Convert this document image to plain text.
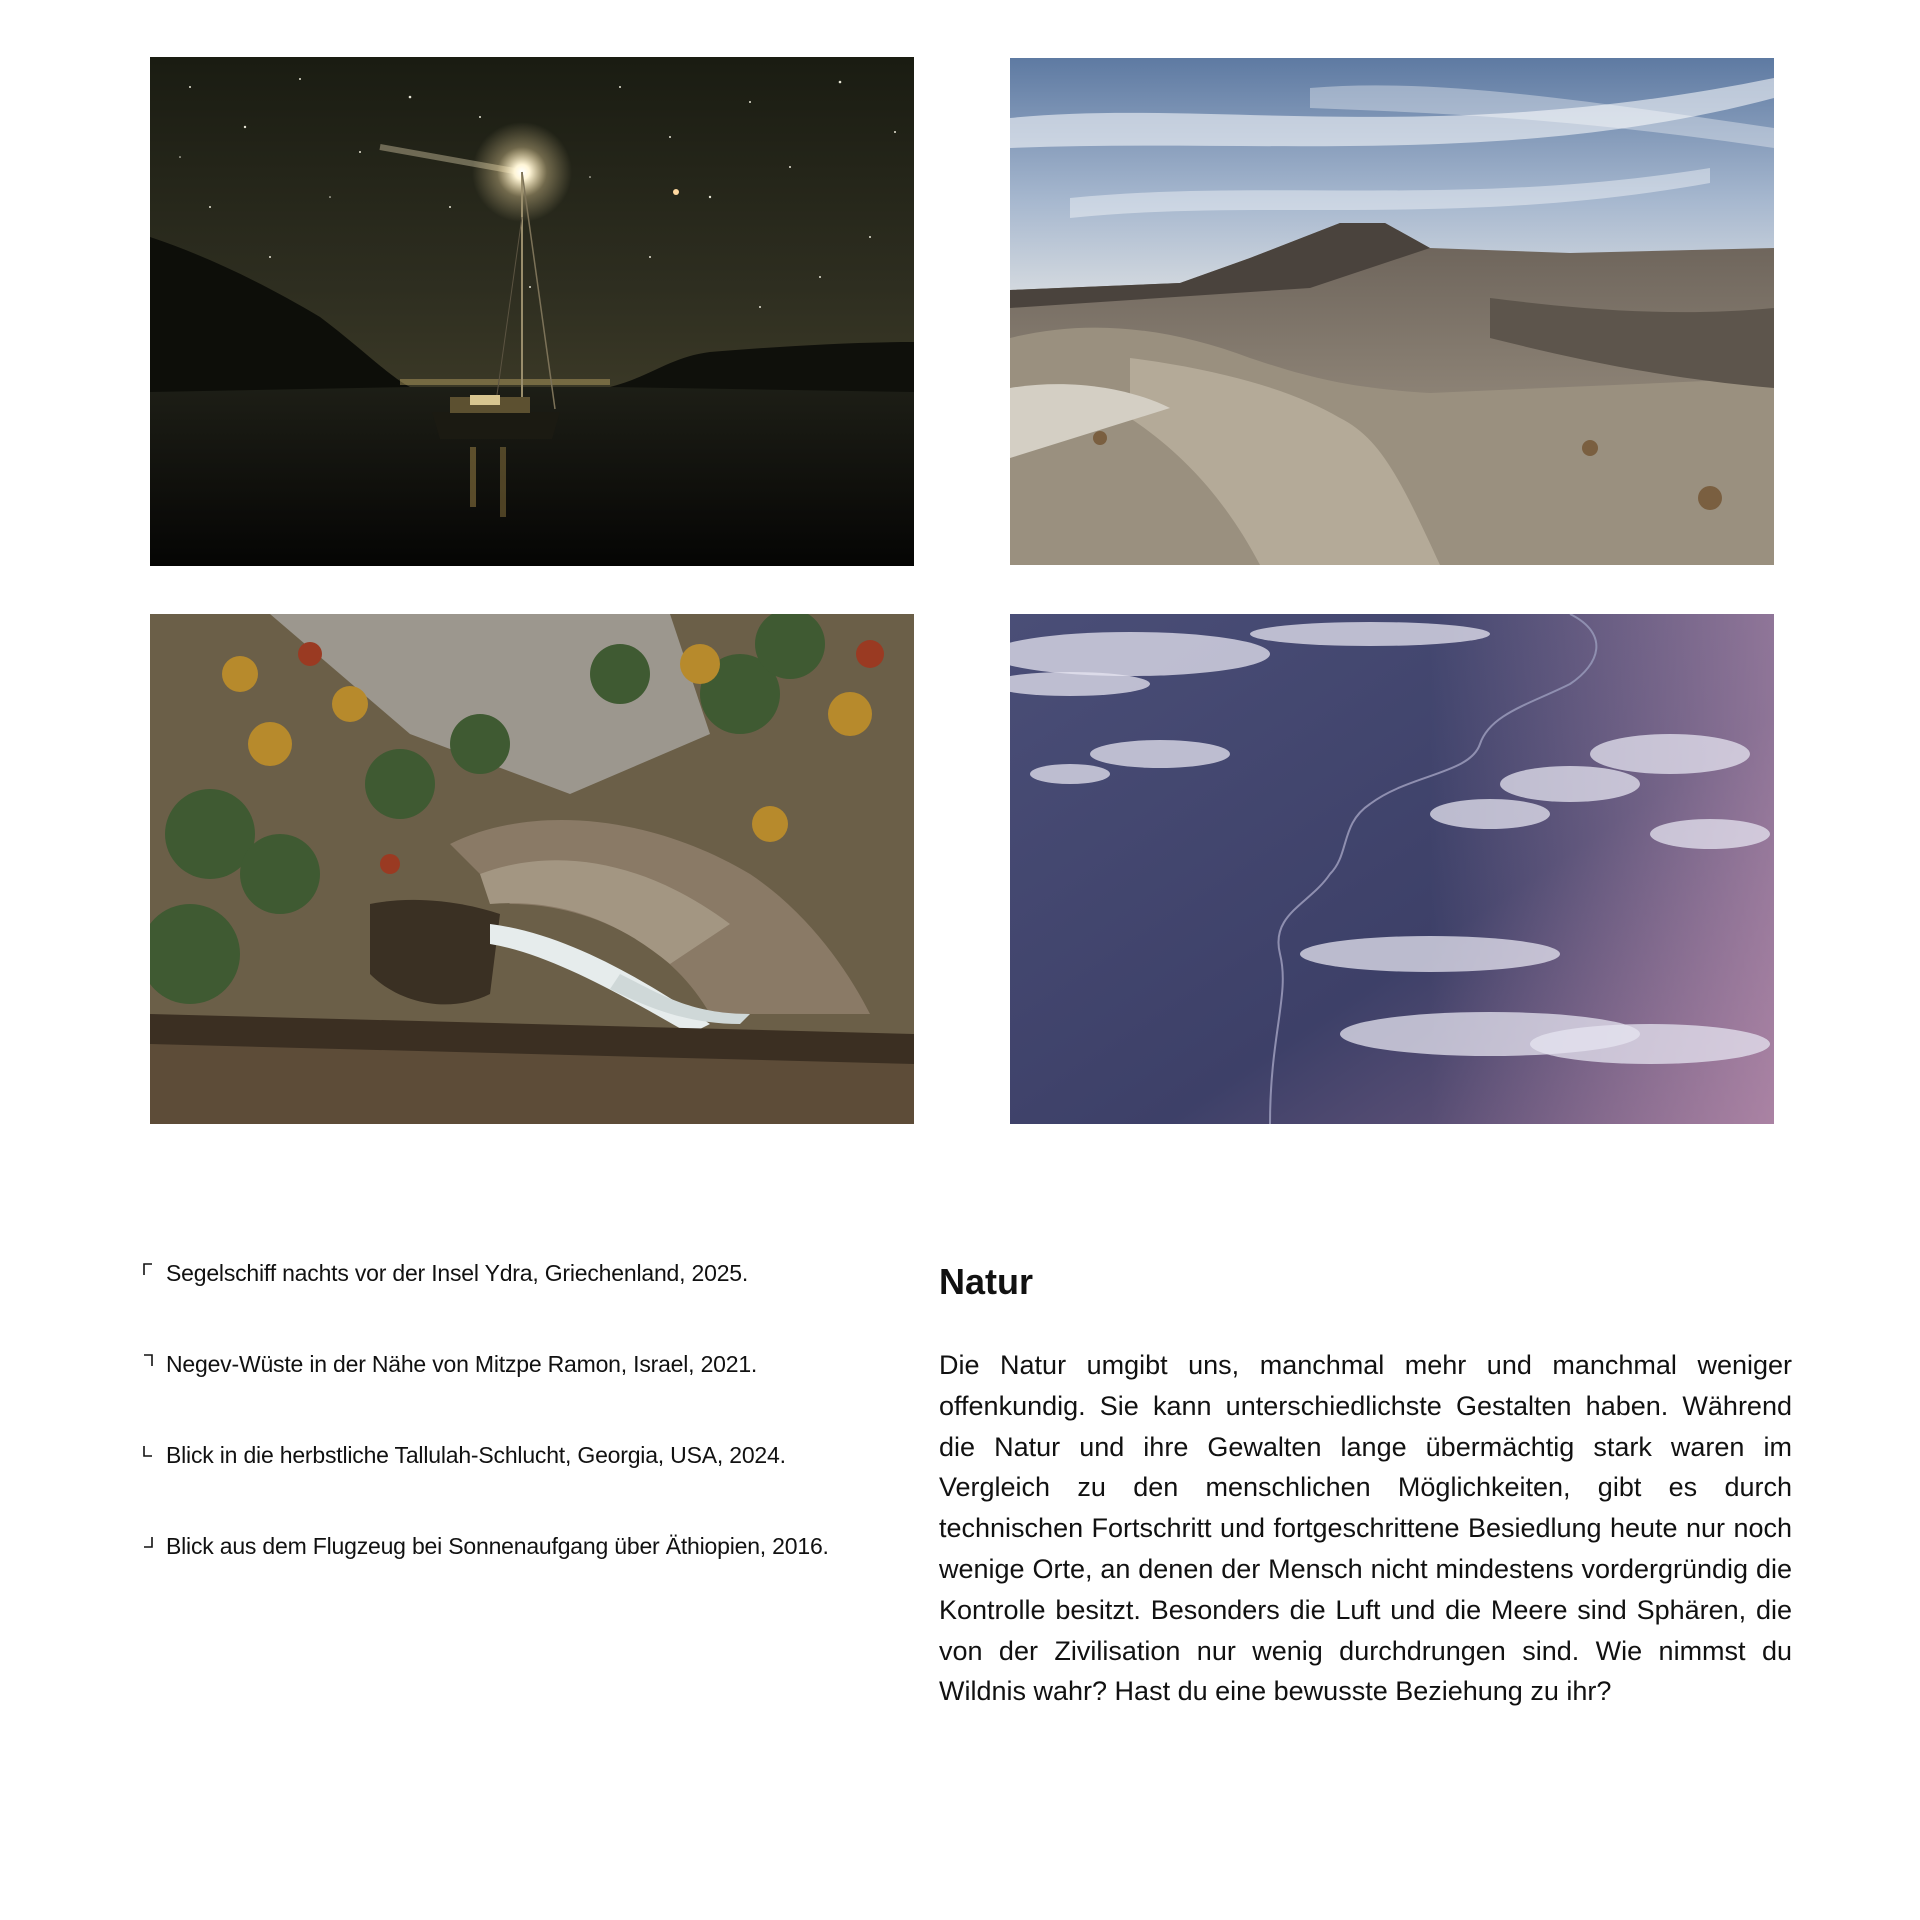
Segelschiff nachts vor der Insel Ydra, Griechenland, 2025.
Negev-Wüste in der Nähe von Mitzpe Ramon, Israel, 2021.
Blick in die herbstliche Tallulah-Schlucht, Georgia, USA, 2024.
Blick aus dem Flugzeug bei Sonnenaufgang über Äthiopien, 2016.
Natur

Die Natur umgibt uns, manchmal mehr und manchmal weniger offenkundig. Sie kann unterschiedlichste Gestalten haben. Während die Natur und ihre Gewalten lange übermächtig stark waren im Vergleich zu den menschlichen Möglichkeiten, gibt es durch technischen Fortschritt und fortgeschrittene Besiedlung heute nur noch wenige Orte, an denen der Mensch nicht mindestens vordergründig die Kontrolle besitzt. Besonders die Luft und die Meere sind Sphären, die von der Zivilisation nur wenig durchdrungen sind. Wie nimmst du Wildnis wahr? Hast du eine bewusste Beziehung zu ihr?
